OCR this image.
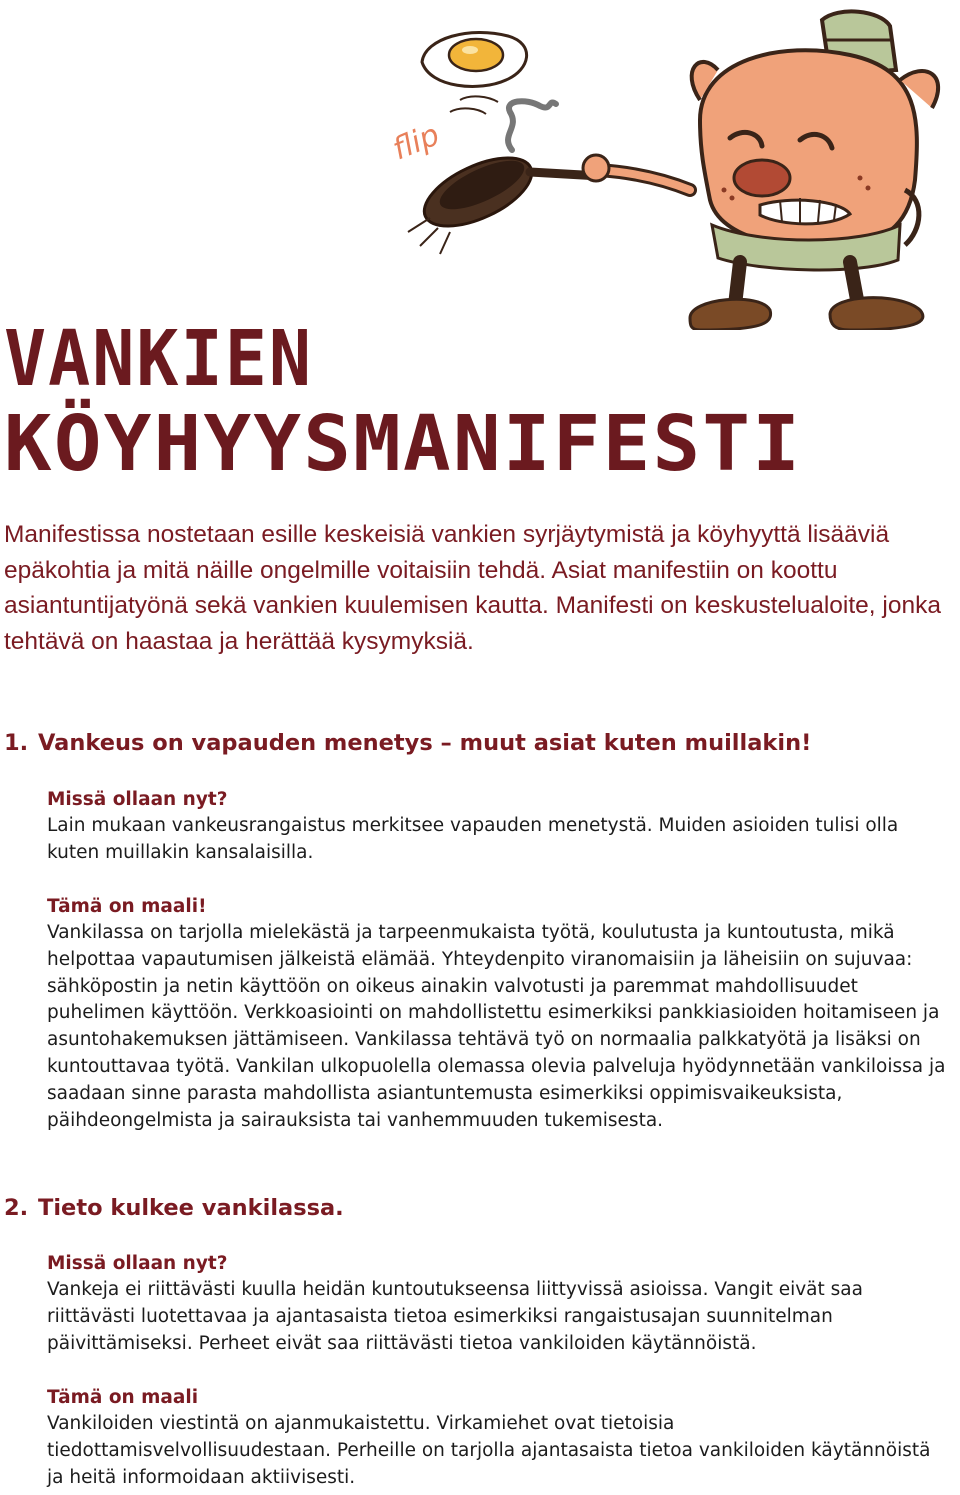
flip
VANKIEN
KÖYHYYSMANIFESTI

Manifestissa nostetaan esille keskeisiä vankien syrjäytymistä ja köyhyyttä lisääviä epäkohtia ja mitä näille ongelmille voitaisiin tehdä. Asiat manifestiin on koottu asiantuntijatyönä sekä vankien kuulemisen kautta. Manifesti on keskustelualoite, jonka tehtävä on haastaa ja herättää kysymyksiä.

1. Vankeus on vapauden menetys – muut asiat kuten muillakin!
Missä ollaan nyt?

Lain mukaan vankeusrangaistus merkitsee vapauden menetystä. Muiden asioiden tulisi olla kuten muillakin kansalaisilla.

Tämä on maali!

Vankilassa on tarjolla mielekästä ja tarpeenmukaista työtä, koulutusta ja kuntoutusta, mikä helpottaa vapautumisen jälkeistä elämää. Yhteydenpito viranomaisiin ja läheisiin on sujuvaa: sähköpostin ja netin käyttöön on oikeus ainakin valvotusti ja paremmat mahdollisuudet puhelimen käyttöön. Verkkoasiointi on mahdollistettu esimerkiksi pankkiasioiden hoitamiseen ja asuntohakemuksen jättämiseen. Vankilassa tehtävä työ on normaalia palkkatyötä ja lisäksi on kuntouttavaa työtä. Vankilan ulkopuolella olemassa olevia palveluja hyödynnetään vankiloissa ja saadaan sinne parasta mahdollista asiantuntemusta esimerkiksi oppimisvaikeuksista, päihdeongelmista ja sairauksista tai vanhemmuuden tukemisesta.

2. Tieto kulkee vankilassa.
Missä ollaan nyt?

Vankeja ei riittävästi kuulla heidän kuntoutukseensa liittyvissä asioissa. Vangit eivät saa riittävästi luotettavaa ja ajantasaista tietoa esimerkiksi rangaistusajan suunnitelman päivittämiseksi. Perheet eivät saa riittävästi tietoa vankiloiden käytännöistä.

Tämä on maali

Vankiloiden viestintä on ajanmukaistettu. Virkamiehet ovat tietoisia tiedottamisvelvollisuudestaan. Perheille on tarjolla ajantasaista tietoa vankiloiden käytännöistä ja heitä informoidaan aktiivisesti.
